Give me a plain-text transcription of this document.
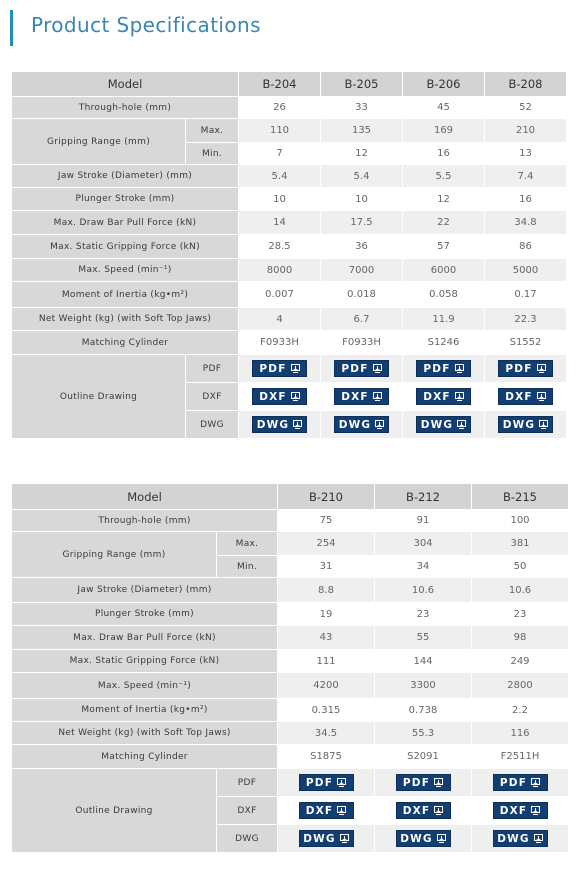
Product Specifications
Model		B-204	B-205	B-206	B-208
Through-hole (mm)		26	33	45	52
Gripping Range (mm)	Max.	110	135	169	210
	Min.	7	12	16	13
Jaw Stroke (Diameter) (mm)		5.4	5.4	5.5	7.4
Plunger Stroke (mm)		10	10	12	16
Max. Draw Bar Pull Force (kN)		14	17.5	22	34.8
Max. Static Gripping Force (kN)		28.5	36	57	86
Max. Speed (min⁻¹)		8000	7000	6000	5000
Moment of Inertia (kg•m²)		0.007	0.018	0.058	0.17
Net Weight (kg) (with Soft Top Jaws)		4	6.7	11.9	22.3
Matching Cylinder		F0933H	F0933H	S1246	S1552
Outline Drawing	PDF	PDF	PDF	PDF	PDF

	DXF	DXF	DXF	DXF	DXF

	DWG	DWG	DWG	DWG	DWG
Model		B-210	B-212	B-215
Through-hole (mm)		75	91	100
Gripping Range (mm)	Max.	254	304	381
	Min.	31	34	50
Jaw Stroke (Diameter) (mm)		8.8	10.6	10.6
Plunger Stroke (mm)		19	23	23
Max. Draw Bar Pull Force (kN)		43	55	98
Max. Static Gripping Force (kN)		111	144	249
Max. Speed (min⁻¹)		4200	3300	2800
Moment of Inertia (kg•m²)		0.315	0.738	2.2
Net Weight (kg) (with Soft Top Jaws)		34.5	55.3	116
Matching Cylinder		S1875	S2091	F2511H
Outline Drawing	PDF	PDF	PDF	PDF

	DXF	DXF	DXF	DXF

	DWG	DWG	DWG	DWG
